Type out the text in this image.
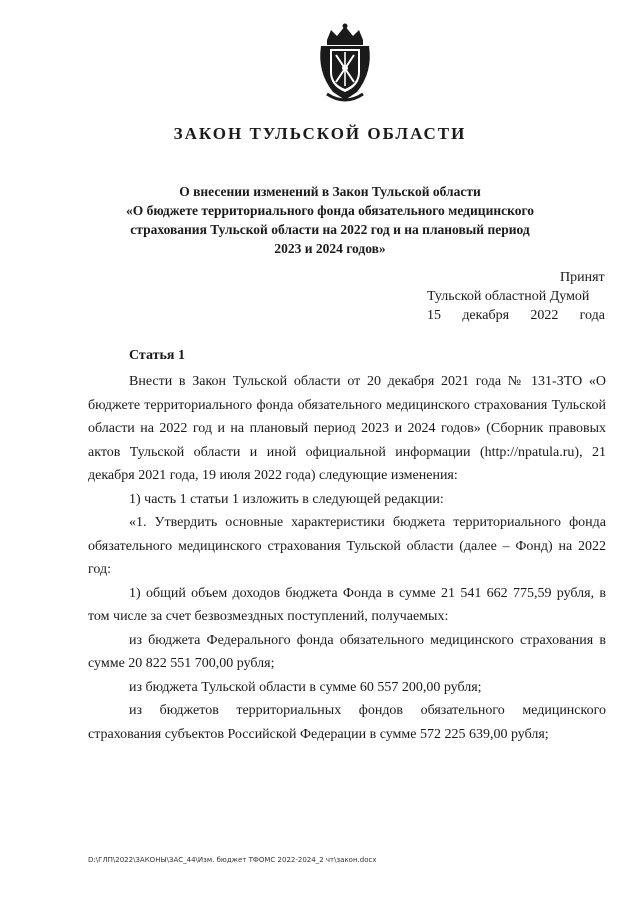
ЗАКОН ТУЛЬСКОЙ ОБЛАСТИ
О внесении изменений в Закон Тульской области
«О бюджете территориального фонда обязательного медицинского
страхования Тульской области на 2022 год и на плановый период
2023 и 2024 годов»
Принят
Тульской областной Думой
15 декабря 2022 года
Статья 1

Внести в Закон Тульской области от 20 декабря 2021 года № 131-ЗТО «О бюджете территориального фонда обязательного медицинского страхования Тульской области на 2022 год и на плановый период 2023 и 2024 годов» (Сборник правовых актов Тульской области и иной официальной информации (http://npatula.ru), 21 декабря 2021 года, 19 июля 2022 года) следующие изменения:

1) часть 1 статьи 1 изложить в следующей редакции:

«1. Утвердить основные характеристики бюджета территориального фонда обязательного медицинского страхования Тульской области (далее – Фонд) на 2022 год:

1) общий объем доходов бюджета Фонда в сумме 21 541 662 775,59 рубля, в том числе за счет безвозмездных поступлений, получаемых:

из бюджета Федерального фонда обязательного медицинского страхования в сумме 20 822 551 700,00 рубля;

из бюджета Тульской области в сумме 60 557 200,00 рубля;

из бюджетов территориальных фондов обязательного медицинского страхования субъектов Российской Федерации в сумме 572 225 639,00 рубля;

D:\ГЛП\2022\ЗАКОНЫ\ЗАС_44\Изм. бюджет ТФОМС 2022-2024_2 чт\закон.docx
